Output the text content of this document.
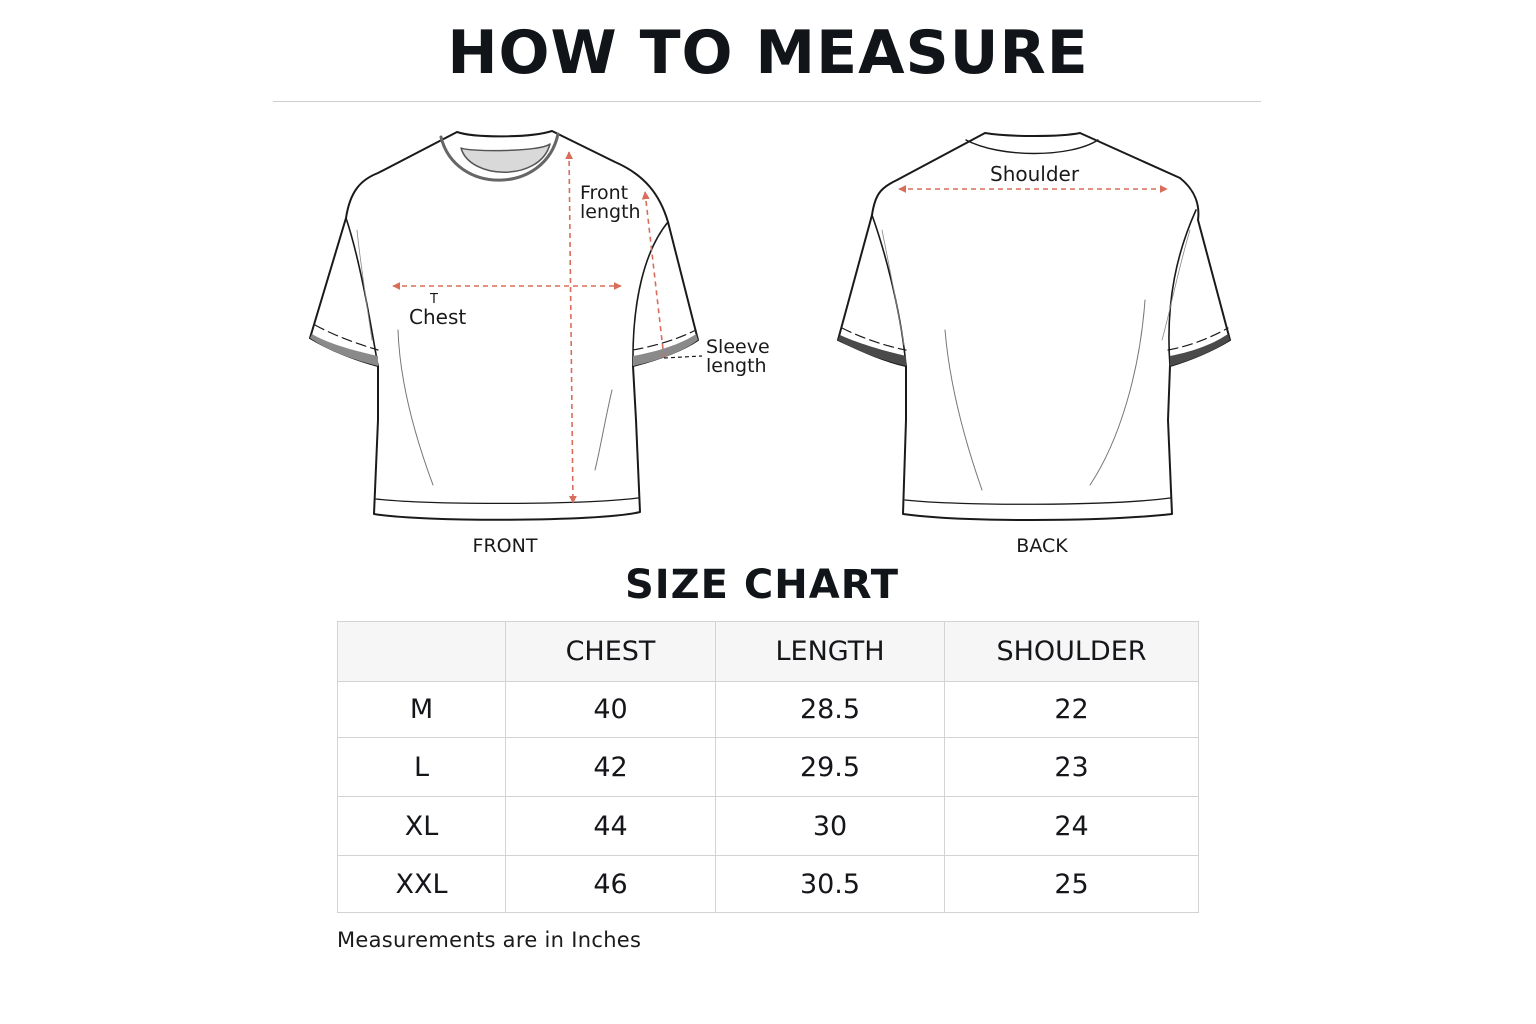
HOW TO MEASURE
Front
length
T
Chest
Sleeve
length
Shoulder
FRONT	BACK
SIZE CHART
	CHEST	LENGTH	SHOULDER
M	40	28.5	22
L	42	29.5	23
XL	44	30	24
XXL	46	30.5	25
Measurements are in Inches
